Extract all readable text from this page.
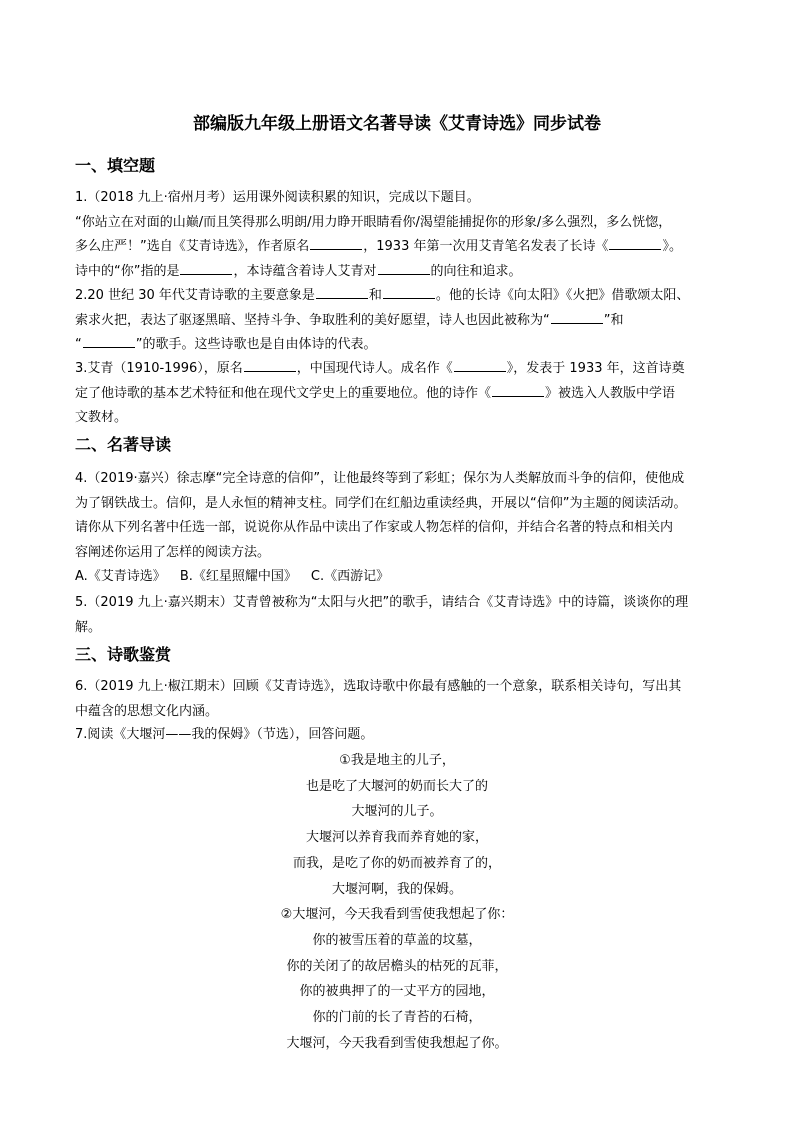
部编版九年级上册语文名著导读《艾青诗选》同步试卷
一、填空题
1.（2018 九上·宿州月考）运用课外阅读积累的知识，完成以下题目。
“你站立在对面的山巅/而且笑得那么明朗/用力睁开眼睛看你/渴望能捕捉你的形象/多么强烈，多么恍惚，
多么庄严！”选自《艾青诗选》，作者原名	，1933 年第一次用艾青笔名发表了长诗《	》。
诗中的“你”指的是	，本诗蕴含着诗人艾青对	的向往和追求。
2.20 世纪 30 年代艾青诗歌的主要意象是	和	。他的长诗《向太阳》《火把》借歌颂太阳、
索求火把，表达了驱逐黑暗、坚持斗争、争取胜利的美好愿望，诗人也因此被称为“	”和
“	”的歌手。这些诗歌也是自由体诗的代表。
3.艾青（1910-1996），原名	，中国现代诗人。成名作《	》，发表于 1933 年，这首诗奠
定了他诗歌的基本艺术特征和他在现代文学史上的重要地位。他的诗作《	》被选入人教版中学语
文教材。
二、名著导读
4.（2019·嘉兴）徐志摩“完全诗意的信仰”，让他最终等到了彩虹；保尔为人类解放而斗争的信仰，使他成
为了钢铁战士。信仰，是人永恒的精神支柱。同学们在红船边重读经典，开展以“信仰”为主题的阅读活动。
请你从下列名著中任选一部，说说你从作品中读出了作家或人物怎样的信仰，并结合名著的特点和相关内
容阐述你运用了怎样的阅读方法。
A.《艾青诗选》 B.《红星照耀中国》 C.《西游记》
5.（2019 九上·嘉兴期末）艾青曾被称为“太阳与火把”的歌手，请结合《艾青诗选》中的诗篇，谈谈你的理
解。
三、诗歌鉴赏
6.（2019 九上·椒江期末）回顾《艾青诗选》，选取诗歌中你最有感触的一个意象，联系相关诗句，写出其
中蕴含的思想文化内涵。
7.阅读《大堰河——我的保姆》（节选），回答问题。
①我是地主的儿子，
也是吃了大堰河的奶而长大了的
大堰河的儿子。
大堰河以养育我而养育她的家，
而我，是吃了你的奶而被养育了的，
大堰河啊，我的保姆。
②大堰河，今天我看到雪使我想起了你：
你的被雪压着的草盖的坟墓，
你的关闭了的故居檐头的枯死的瓦菲，
你的被典押了的一丈平方的园地，
你的门前的长了青苔的石椅，
大堰河，今天我看到雪使我想起了你。
